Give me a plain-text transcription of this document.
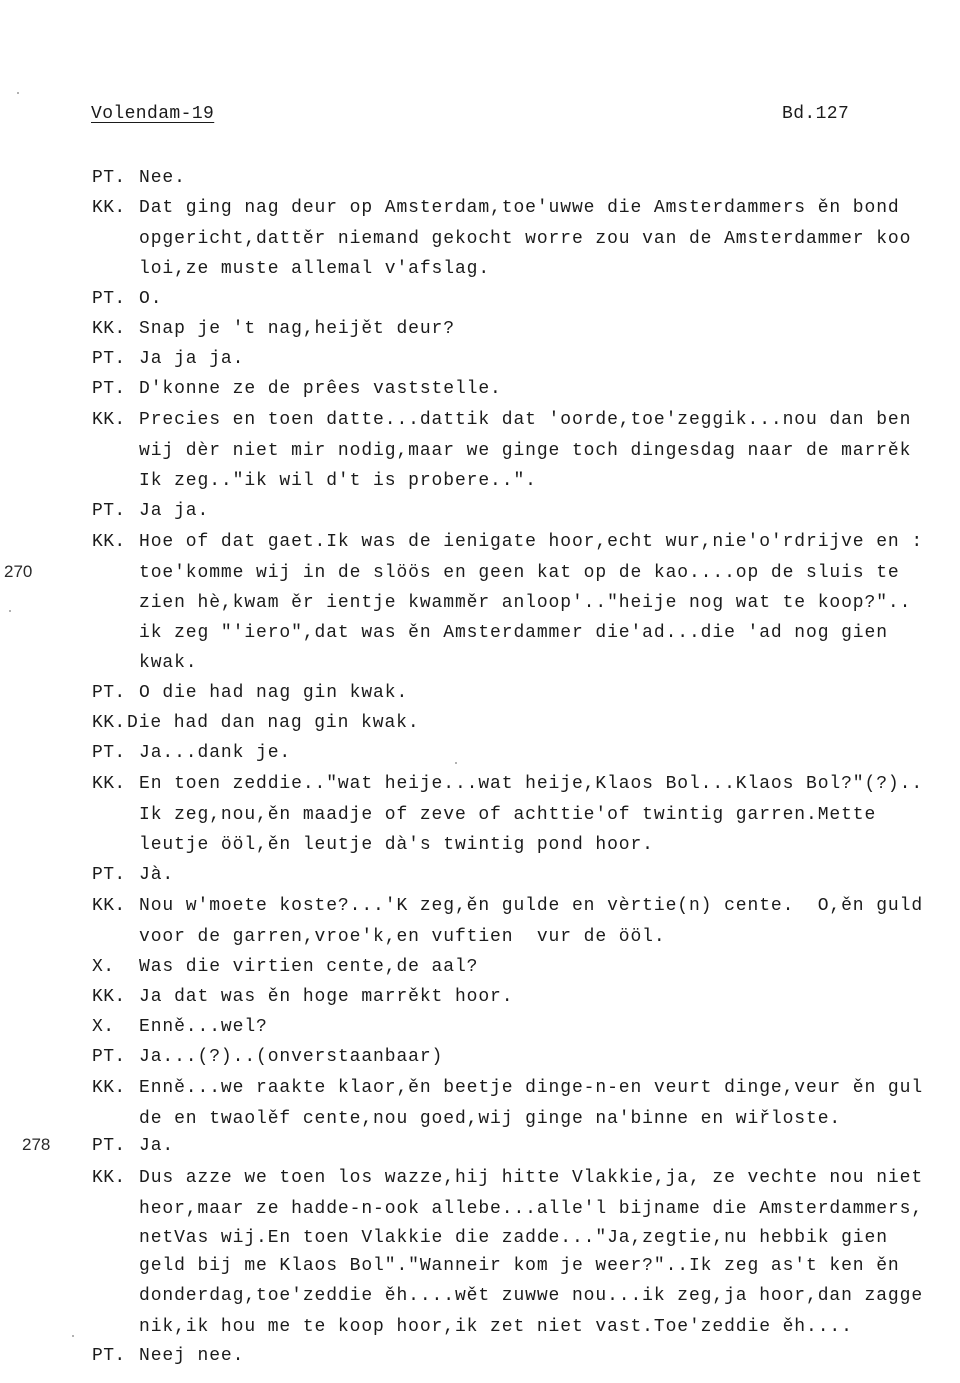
Volendam-19	Bd.127
270
278
PT. Nee.
KK. Dat ging nag deur op Amsterdam,toe'uwwe die Amsterdammers ěn bond
opgericht,dattěr niemand gekocht worre zou van de Amsterdammer koo
loi,ze muste allemal v'afslag.
PT. O.
KK. Snap je 't nag,heijět deur?
PT. Ja ja ja.
PT. D'konne ze de prêes vaststelle.
KK. Precies en toen datte...dattik dat 'oorde,toe'zeggik...nou dan ben
wij dèr niet mir nodig,maar we ginge toch dingesdag naar de marrěk
Ik zeg.."ik wil d't is probere..".
PT. Ja ja.
KK. Hoe of dat gaet.Ik was de ienigate hoor,echt wur,nie'o'rdrijve en :
toe'komme wij in de slöös en geen kat op de kao....op de sluis te
zien hè,kwam ěr ientje kwamměr anloop'.."heije nog wat te koop?"..
ik zeg "'iero",dat was ěn Amsterdammer die'ad...die 'ad nog gien
kwak.
PT. O die had nag gin kwak.
KK. Die had dan nag gin kwak.
PT. Ja...dank je.
KK. En toen zeddie.."wat heije...wat heije,Klaos Bol...Klaos Bol?"(?)..
Ik zeg,nou,ěn maadje of zeve of achttie'of twintig garren.Mette
leutje ööl,ěn leutje dà's twintig pond hoor.
PT. Jà.
KK. Nou w'moete koste?...'K zeg,ěn gulde en vèrtie(n) cente.  O,ěn guld
voor de garren,vroe'k,en vuftien  vur de ööl.
X. Was die virtien cente,de aal?
KK. Ja dat was ěn hoge marrěkt hoor.
X. Enně...wel?
PT. Ja...(?)..(onverstaanbaar)
KK. Enně...we raakte klaor,ěn beetje dinge-n-en veurt dinge,veur ěn gul
de en twaolěf cente,nou goed,wij ginge na'binne en wiřloste.
PT. Ja.
KK. Dus azze we toen los wazze,hij hitte Vlakkie,ja, ze vechte nou niet
heor,maar ze hadde-n-ook allebe...alle'l bijname die Amsterdammers,
netVas wij.En toen Vlakkie die zadde..."Ja,zegtie,nu hebbik gien
geld bij me Klaos Bol"."Wanneir kom je weer?"..Ik zeg as't ken ěn
donderdag,toe'zeddie ěh....wět zuwwe nou...ik zeg,ja hoor,dan zagge
nik,ik hou me te koop hoor,ik zet niet vast.Toe'zeddie ěh....
PT. Neej nee.
